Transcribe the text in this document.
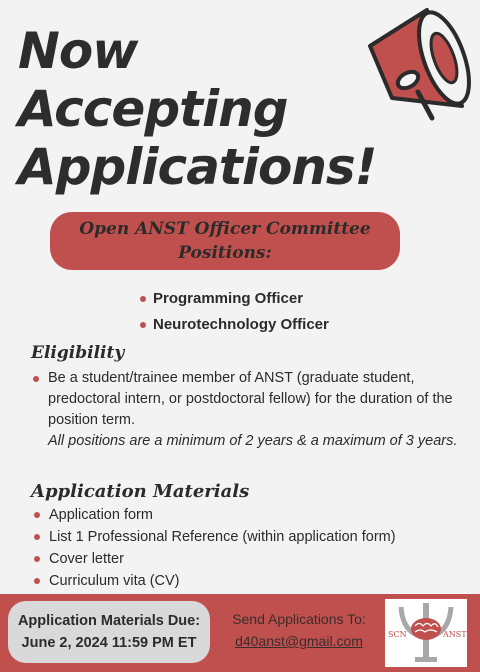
Now
Accepting
Applications!
Open ANST Officer Committee Positions:
Programming Officer
Neurotechnology Officer
Eligibility
Be a student/trainee member of ANST (graduate student, predoctoral intern, or postdoctoral fellow) for the duration of the position term.
All positions are a minimum of 2 years & a maximum of 3 years.
Application Materials
Application form
List 1 Professional Reference (within application form)
Cover letter
Curriculum vita (CV)
Application Materials Due:
June 2, 2024 11:59 PM ET
Send Applications To:
d40anst@gmail.com	SCN	ANST
